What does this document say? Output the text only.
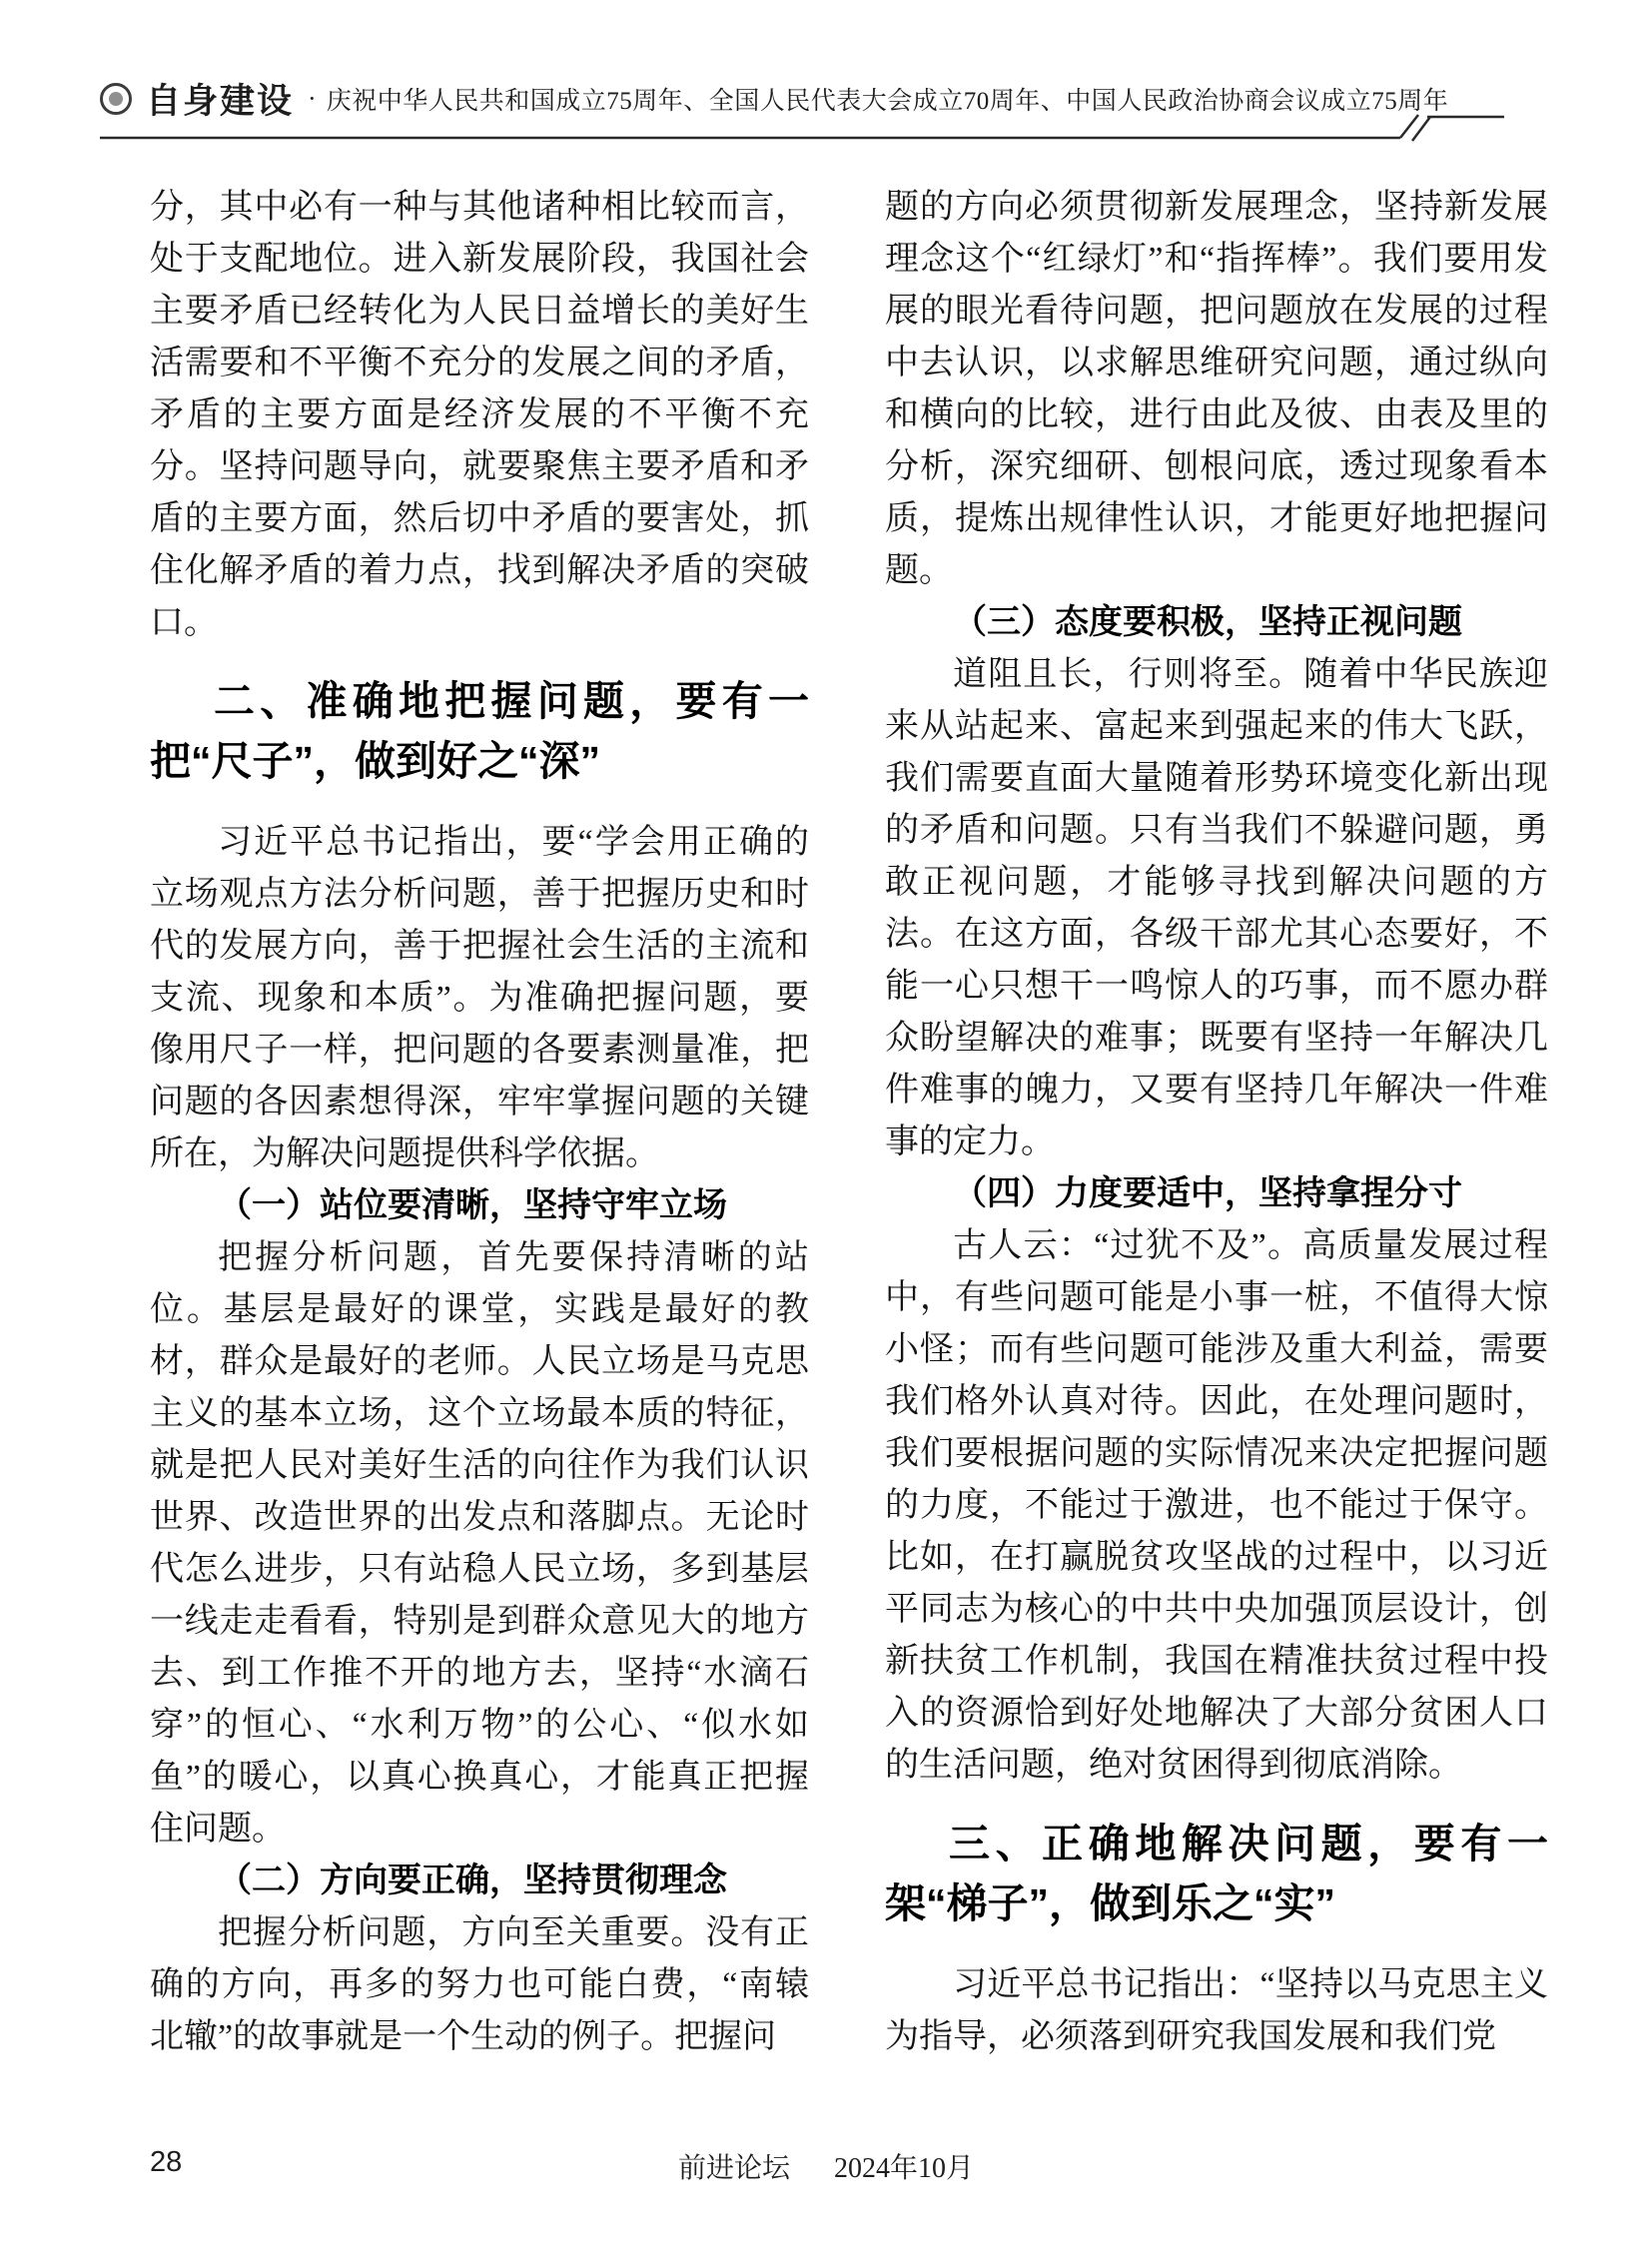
自身建设 · 庆祝中华人民共和国成立75周年、全国人民代表大会成立70周年、中国人民政治协商会议成立75周年

分，其中必有一种与其他诸种相比较而言，处于支配地位。进入新发展阶段，我国社会主要矛盾已经转化为人民日益增长的美好生活需要和不平衡不充分的发展之间的矛盾，矛盾的主要方面是经济发展的不平衡不充分。坚持问题导向，就要聚焦主要矛盾和矛盾的主要方面，然后切中矛盾的要害处，抓住化解矛盾的着力点，找到解决矛盾的突破口。

二、准确地把握问题，要有一把“尺子”，做到好之“深”

习近平总书记指出，要“学会用正确的立场观点方法分析问题，善于把握历史和时代的发展方向，善于把握社会生活的主流和支流、现象和本质”。为准确把握问题，要像用尺子一样，把问题的各要素测量准，把问题的各因素想得深，牢牢掌握问题的关键所在，为解决问题提供科学依据。

（一）站位要清晰，坚持守牢立场

把握分析问题，首先要保持清晰的站位。基层是最好的课堂，实践是最好的教材，群众是最好的老师。人民立场是马克思主义的基本立场，这个立场最本质的特征，就是把人民对美好生活的向往作为我们认识世界、改造世界的出发点和落脚点。无论时代怎么进步，只有站稳人民立场，多到基层一线走走看看，特别是到群众意见大的地方去、到工作推不开的地方去，坚持“水滴石穿”的恒心、“水利万物”的公心、“似水如鱼”的暖心，以真心换真心，才能真正把握住问题。

（二）方向要正确，坚持贯彻理念

把握分析问题，方向至关重要。没有正确的方向，再多的努力也可能白费，“南辕北辙”的故事就是一个生动的例子。把握问

题的方向必须贯彻新发展理念，坚持新发展理念这个“红绿灯”和“指挥棒”。我们要用发展的眼光看待问题，把问题放在发展的过程中去认识，以求解思维研究问题，通过纵向和横向的比较，进行由此及彼、由表及里的分析，深究细研、刨根问底，透过现象看本质，提炼出规律性认识，才能更好地把握问题。

（三）态度要积极，坚持正视问题

道阻且长，行则将至。随着中华民族迎来从站起来、富起来到强起来的伟大飞跃，我们需要直面大量随着形势环境变化新出现的矛盾和问题。只有当我们不躲避问题，勇敢正视问题，才能够寻找到解决问题的方法。在这方面，各级干部尤其心态要好，不能一心只想干一鸣惊人的巧事，而不愿办群众盼望解决的难事；既要有坚持一年解决几件难事的魄力，又要有坚持几年解决一件难事的定力。

（四）力度要适中，坚持拿捏分寸

古人云：“过犹不及”。高质量发展过程中，有些问题可能是小事一桩，不值得大惊小怪；而有些问题可能涉及重大利益，需要我们格外认真对待。因此，在处理问题时，我们要根据问题的实际情况来决定把握问题的力度，不能过于激进，也不能过于保守。比如，在打赢脱贫攻坚战的过程中，以习近平同志为核心的中共中央加强顶层设计，创新扶贫工作机制，我国在精准扶贫过程中投入的资源恰到好处地解决了大部分贫困人口的生活问题，绝对贫困得到彻底消除。

三、正确地解决问题，要有一架“梯子”，做到乐之“实”

习近平总书记指出：“坚持以马克思主义为指导，必须落到研究我国发展和我们党

28	前进论坛 2024年10月
